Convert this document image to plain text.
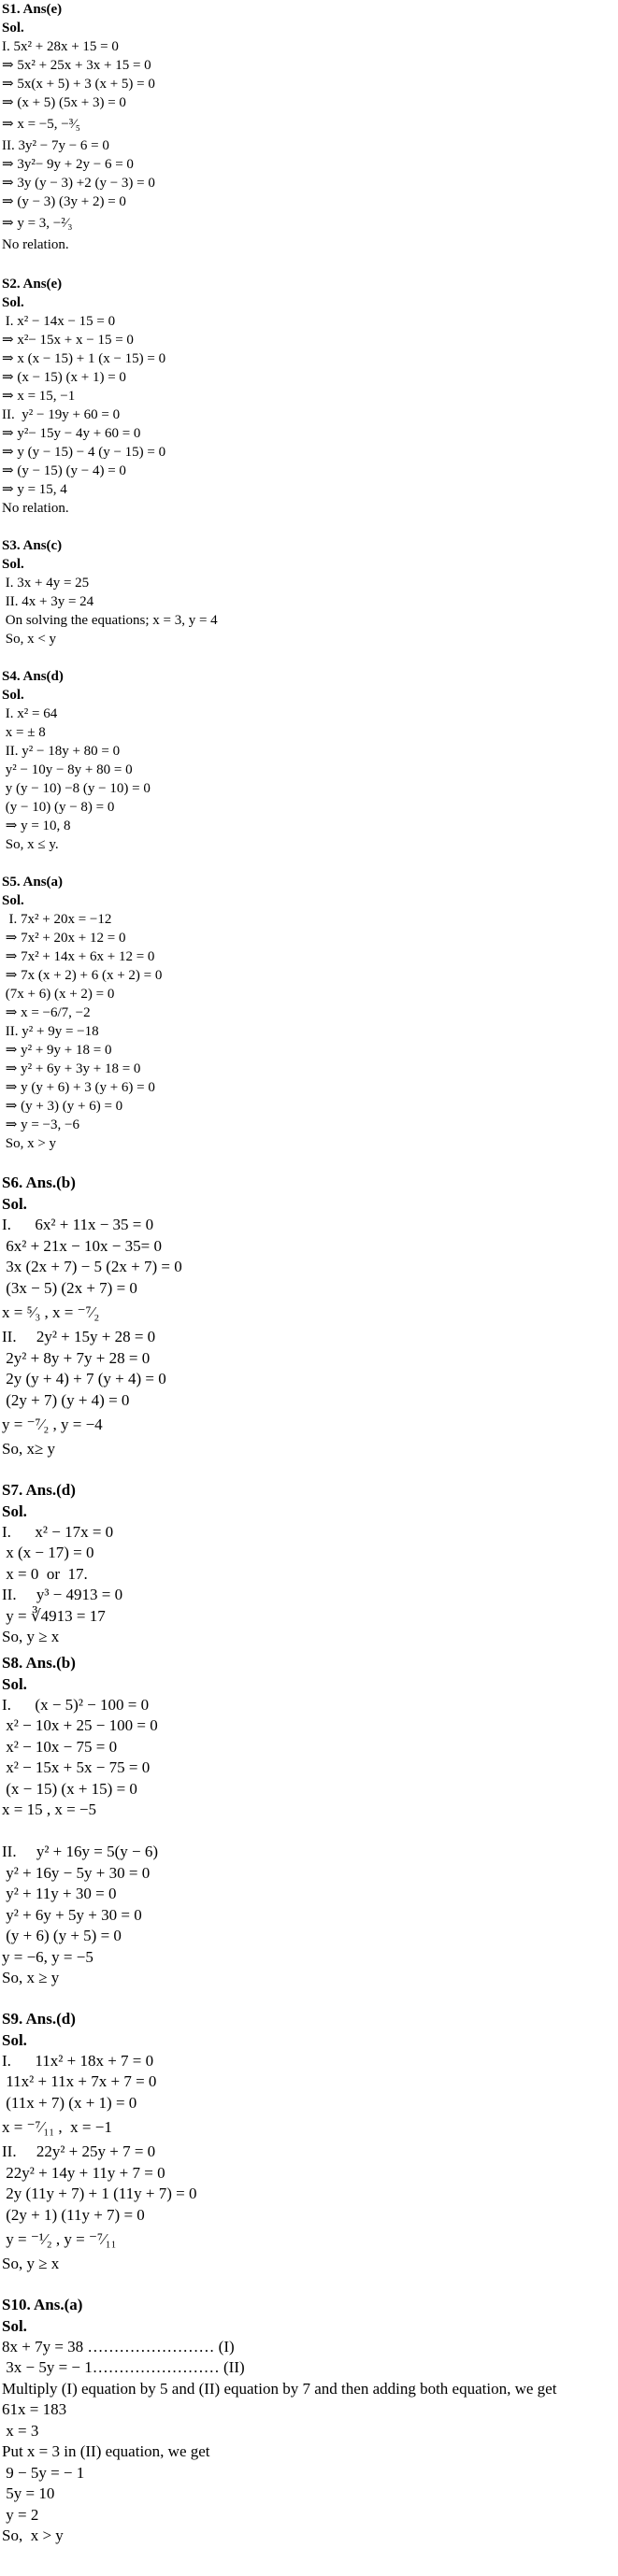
S1. Ans(e)
Sol.
I. 5x² + 28x + 15 = 0
⇒ 5x² + 25x + 3x + 15 = 0
⇒ 5x(x + 5) + 3 (x + 5) = 0
⇒ (x + 5) (5x + 3) = 0
⇒ x = −5, −³⁄₅
II. 3y² − 7y − 6 = 0
⇒ 3y²− 9y + 2y − 6 = 0
⇒ 3y (y − 3) +2 (y − 3) = 0
⇒ (y − 3) (3y + 2) = 0
⇒ y = 3, −²⁄₃
No relation.
S2. Ans(e)
Sol.
I. x² − 14x − 15 = 0
⇒ x²− 15x + x − 15 = 0
⇒ x (x − 15) + 1 (x − 15) = 0
⇒ (x − 15) (x + 1) = 0
⇒ x = 15, −1
II.  y² − 19y + 60 = 0
⇒ y²− 15y − 4y + 60 = 0
⇒ y (y − 15) − 4 (y − 15) = 0
⇒ (y − 15) (y − 4) = 0
⇒ y = 15, 4
No relation.
S3. Ans(c)
Sol.
I. 3x + 4y = 25
II. 4x + 3y = 24
On solving the equations; x = 3, y = 4
So, x < y
S4. Ans(d)
Sol.
I. x² = 64
x = ± 8
II. y² − 18y + 80 = 0
y² − 10y − 8y + 80 = 0
y (y − 10) −8 (y − 10) = 0
(y − 10) (y − 8) = 0
⇒ y = 10, 8
So, x ≤ y.
S5. Ans(a)
Sol.
I. 7x² + 20x = −12
⇒ 7x² + 20x + 12 = 0
⇒ 7x² + 14x + 6x + 12 = 0
⇒ 7x (x + 2) + 6 (x + 2) = 0
(7x + 6) (x + 2) = 0
⇒ x = −6/7, −2
II. y² + 9y = −18
⇒ y² + 9y + 18 = 0
⇒ y² + 6y + 3y + 18 = 0
⇒ y (y + 6) + 3 (y + 6) = 0
⇒ (y + 3) (y + 6) = 0
⇒ y = −3, −6
So, x > y
S6. Ans.(b)
Sol.
I.      6x² + 11x − 35 = 0
6x² + 21x − 10x − 35= 0
3x (2x + 7) − 5 (2x + 7) = 0
(3x − 5) (2x + 7) = 0
x = ⁵⁄₃ , x = ⁻⁷⁄₂
II.     2y² + 15y + 28 = 0
2y² + 8y + 7y + 28 = 0
2y (y + 4) + 7 (y + 4) = 0
(2y + 7) (y + 4) = 0
y = ⁻⁷⁄₂ , y = −4
So, x≥ y
S7. Ans.(d)
Sol.
I.      x² − 17x = 0
x (x − 17) = 0
x = 0  or  17.
II.     y³ − 4913 = 0
y = ∛4913 = 17
So, y ≥ x
S8. Ans.(b)
Sol.
I.      (x − 5)² − 100 = 0
x² − 10x + 25 − 100 = 0
x² − 10x − 75 = 0
x² − 15x + 5x − 75 = 0
(x − 15) (x + 15) = 0
x = 15 , x = −5

II.     y² + 16y = 5(y − 6)
y² + 16y − 5y + 30 = 0
y² + 11y + 30 = 0
y² + 6y + 5y + 30 = 0
(y + 6) (y + 5) = 0
y = −6, y = −5
So, x ≥ y
S9. Ans.(d)
Sol.
I.      11x² + 18x + 7 = 0
11x² + 11x + 7x + 7 = 0
(11x + 7) (x + 1) = 0
x = ⁻⁷⁄₁₁ ,  x = −1
II.     22y² + 25y + 7 = 0
22y² + 14y + 11y + 7 = 0
2y (11y + 7) + 1 (11y + 7) = 0
(2y + 1) (11y + 7) = 0
y = ⁻¹⁄₂ , y = ⁻⁷⁄₁₁
So, y ≥ x
S10. Ans.(a)
Sol.
8x + 7y = 38 …………………… (I)
3x − 5y = − 1…………………… (II)
Multiply (I) equation by 5 and (II) equation by 7 and then adding both equation, we get
61x = 183
x = 3
Put x = 3 in (II) equation, we get
9 − 5y = − 1
5y = 10
y = 2
So,  x > y
